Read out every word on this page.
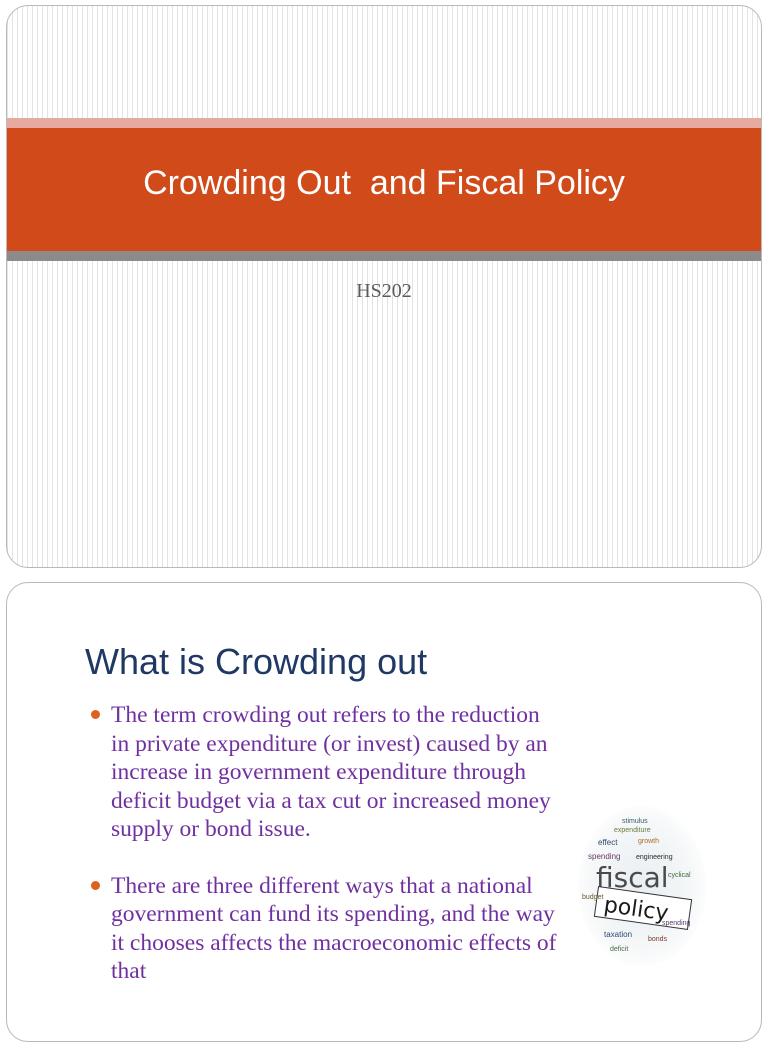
Crowding Out  and Fiscal Policy
HS202
What is Crowding out
The term crowding out refers to the reduction in private expenditure (or invest) caused by an increase in government expenditure through deficit budget via a tax cut or increased money supply or bond issue.
There are three different ways that a national government can fund its spending, and the way it chooses affects the macroeconomic effects of that
stimulus
expenditure
effect	growth
spending engineering
fiscal
policy
cyclical
budget
taxation
bonds
deficit
spending
